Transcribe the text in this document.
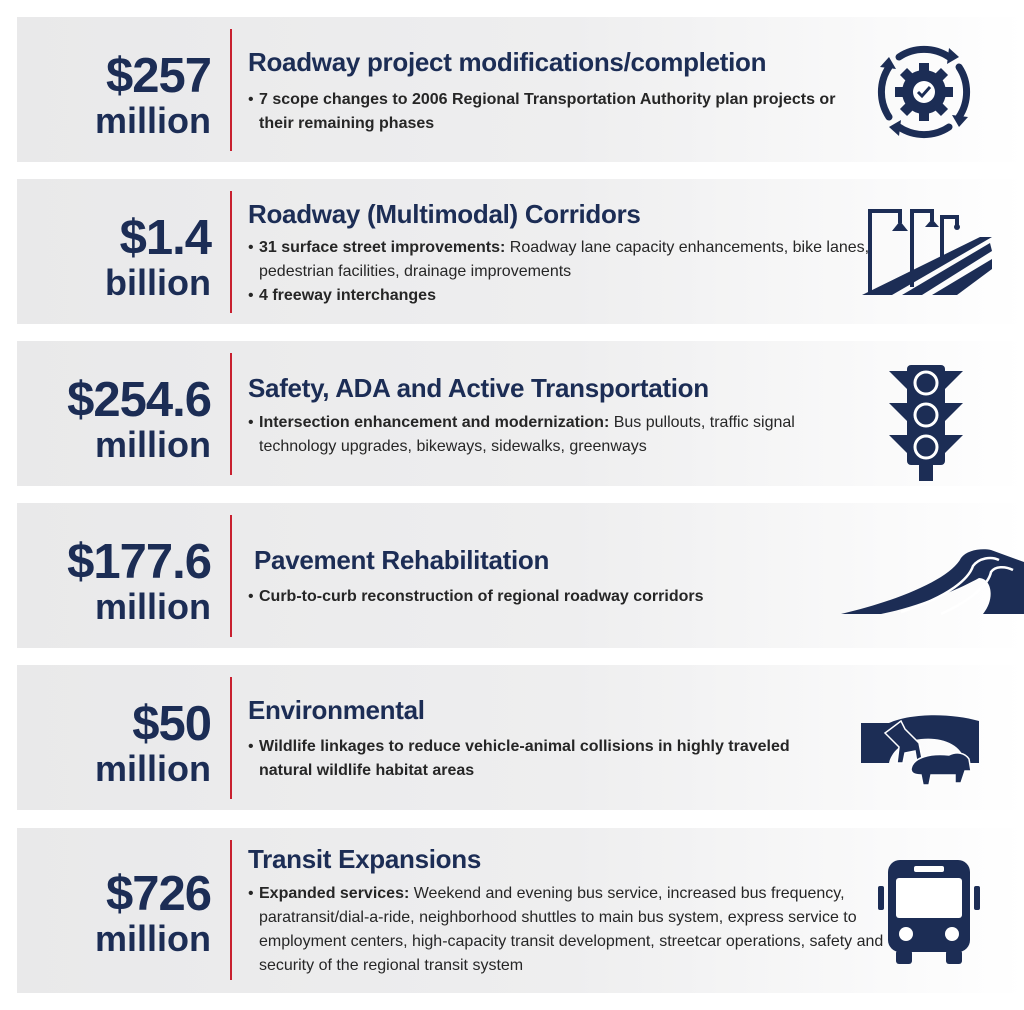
$257
million
Roadway project modifications/completion
• 7 scope changes to 2006 Regional Transportation Authority plan projects or their remaining phases
$1.4
billion
Roadway (Multimodal) Corridors
• 31 surface street improvements: Roadway lane capacity enhancements, bike lanes, pedestrian facilities, drainage improvements
• 4 freeway interchanges
$254.6
million
Safety, ADA and Active Transportation
• Intersection enhancement and modernization: Bus pullouts, traffic signal technology upgrades, bikeways, sidewalks, greenways
$177.6
million
Pavement Rehabilitation
• Curb-to-curb reconstruction of regional roadway corridors
$50
million
Environmental
• Wildlife linkages to reduce vehicle-animal collisions in highly traveled natural wildlife habitat areas
$726
million
Transit Expansions
• Expanded services: Weekend and evening bus service, increased bus frequency, paratransit/dial-a-ride, neighborhood shuttles to main bus system, express service to employment centers, high-capacity transit development, streetcar operations, safety and security of the regional transit system
